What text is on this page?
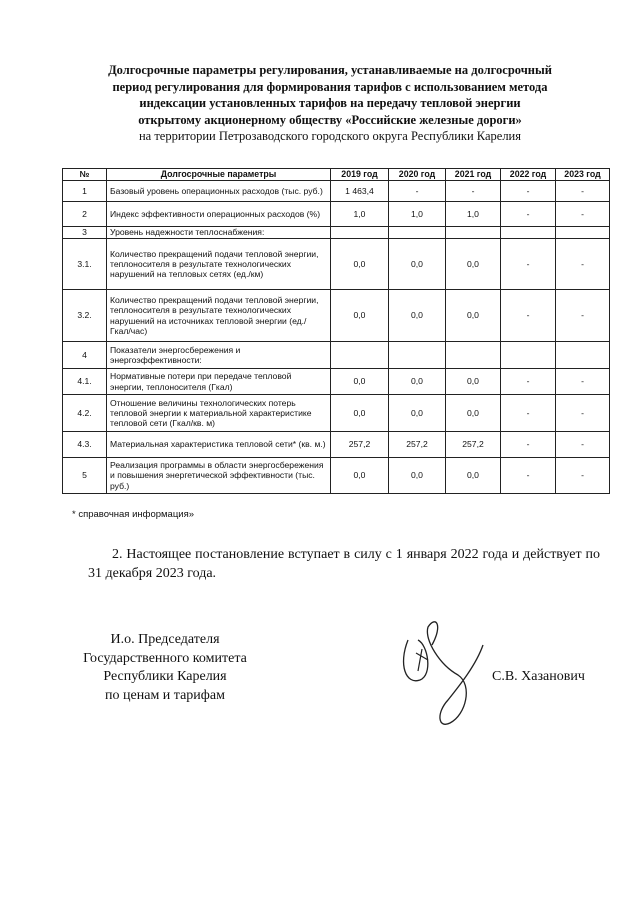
Долгосрочные параметры регулирования, устанавливаемые на долгосрочный
период регулирования для формирования тарифов с использованием метода
индексации установленных тарифов на передачу тепловой энергии
открытому акционерному обществу «Российские железные дороги»
на территории Петрозаводского городского округа Республики Карелия
№	Долгосрочные параметры	2019 год	2020 год	2021 год	2022 год	2023 год
1	Базовый уровень операционных расходов (тыс. руб.)	1 463,4	-	-	-	-
2	Индекс эффективности операционных расходов (%)	1,0	1,0	1,0	-	-
3	Уровень надежности теплоснабжения:					
3.1.	Количество прекращений подачи тепловой энергии, теплоносителя в результате технологических нарушений на тепловых сетях (ед./км)	0,0	0,0	0,0	-	-
3.2.	Количество прекращений подачи тепловой энергии, теплоносителя в результате технологических нарушений на источниках тепловой энергии (ед./Гкал/час)	0,0	0,0	0,0	-	-
4	Показатели энергосбережения и энергоэффективности:					
4.1.	Нормативные потери при передаче тепловой энергии, теплоносителя (Гкал)	0,0	0,0	0,0	-	-
4.2.	Отношение величины технологических потерь тепловой энергии к материальной характеристике тепловой сети (Гкал/кв. м)	0,0	0,0	0,0	-	-
4.3.	Материальная характеристика тепловой сети* (кв. м.)	257,2	257,2	257,2	-	-
5	Реализация программы в области энергосбережения и повышения энергетической эффективности (тыс. руб.)	0,0	0,0	0,0	-	-
* справочная информация»
2. Настоящее постановление вступает в силу с 1 января 2022 года и действует по 31 декабря 2023 года.
И.о. Председателя
Государственного комитета
Республики Карелия
по ценам и тарифам
С.В. Хазанович
